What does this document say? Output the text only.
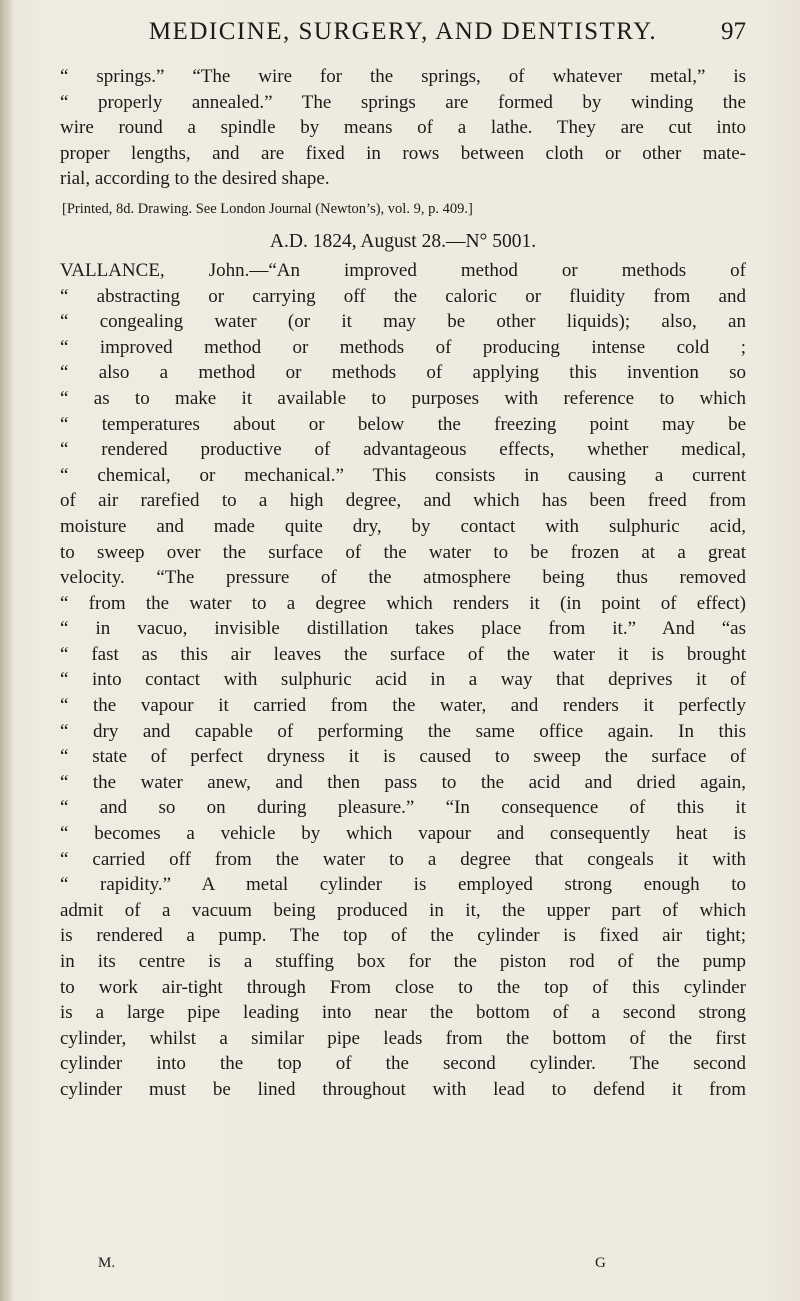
MEDICINE, SURGERY, AND DENTISTRY.	97
“ springs.” “The wire for the springs, of whatever metal,” is
“ properly annealed.” The springs are formed by winding the
wire round a spindle by means of a lathe. They are cut into
proper lengths, and are fixed in rows between cloth or other mate-
rial, according to the desired shape.
[Printed, 8d. Drawing. See London Journal (Newton’s), vol. 9, p. 409.]
A.D. 1824, August 28.—N° 5001.
VALLANCE, John.—“An improved method or methods of
“ abstracting or carrying off the caloric or fluidity from and
“ congealing water (or it may be other liquids); also, an
“ improved method or methods of producing intense cold ;
“ also a method or methods of applying this invention so
“ as to make it available to purposes with reference to which
“ temperatures about or below the freezing point may be
“ rendered productive of advantageous effects, whether medical,
“ chemical, or mechanical.” This consists in causing a current
of air rarefied to a high degree, and which has been freed from
moisture and made quite dry, by contact with sulphuric acid,
to sweep over the surface of the water to be frozen at a great
velocity. “The pressure of the atmosphere being thus removed
“ from the water to a degree which renders it (in point of effect)
“ in vacuo, invisible distillation takes place from it.” And “as
“ fast as this air leaves the surface of the water it is brought
“ into contact with sulphuric acid in a way that deprives it of
“ the vapour it carried from the water, and renders it perfectly
“ dry and capable of performing the same office again. In this
“ state of perfect dryness it is caused to sweep the surface of
“ the water anew, and then pass to the acid and dried again,
“ and so on during pleasure.” “In consequence of this it
“ becomes a vehicle by which vapour and consequently heat is
“ carried off from the water to a degree that congeals it with
“ rapidity.” A metal cylinder is employed strong enough to
admit of a vacuum being produced in it, the upper part of which
is rendered a pump. The top of the cylinder is fixed air tight;
in its centre is a stuffing box for the piston rod of the pump
to work air-tight through From close to the top of this cylinder
is a large pipe leading into near the bottom of a second strong
cylinder, whilst a similar pipe leads from the bottom of the first
cylinder into the top of the second cylinder. The second
cylinder must be lined throughout with lead to defend it from
M.	G
